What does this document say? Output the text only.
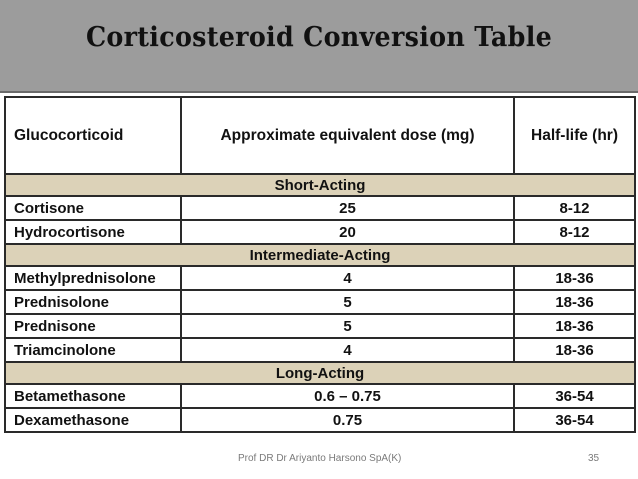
Corticosteroid Conversion Table
Glucocorticoid	Approximate equivalent dose (mg)	Half-life (hr)
Short-Acting		
Cortisone	25	8-12
Hydrocortisone	20	8-12
Intermediate-Acting		
Methylprednisolone	4	18-36
Prednisolone	5	18-36
Prednisone	5	18-36
Triamcinolone	4	18-36
Long-Acting		
Betamethasone	0.6 – 0.75	36-54
Dexamethasone	0.75	36-54
Prof DR Dr Ariyanto Harsono SpA(K)	35
